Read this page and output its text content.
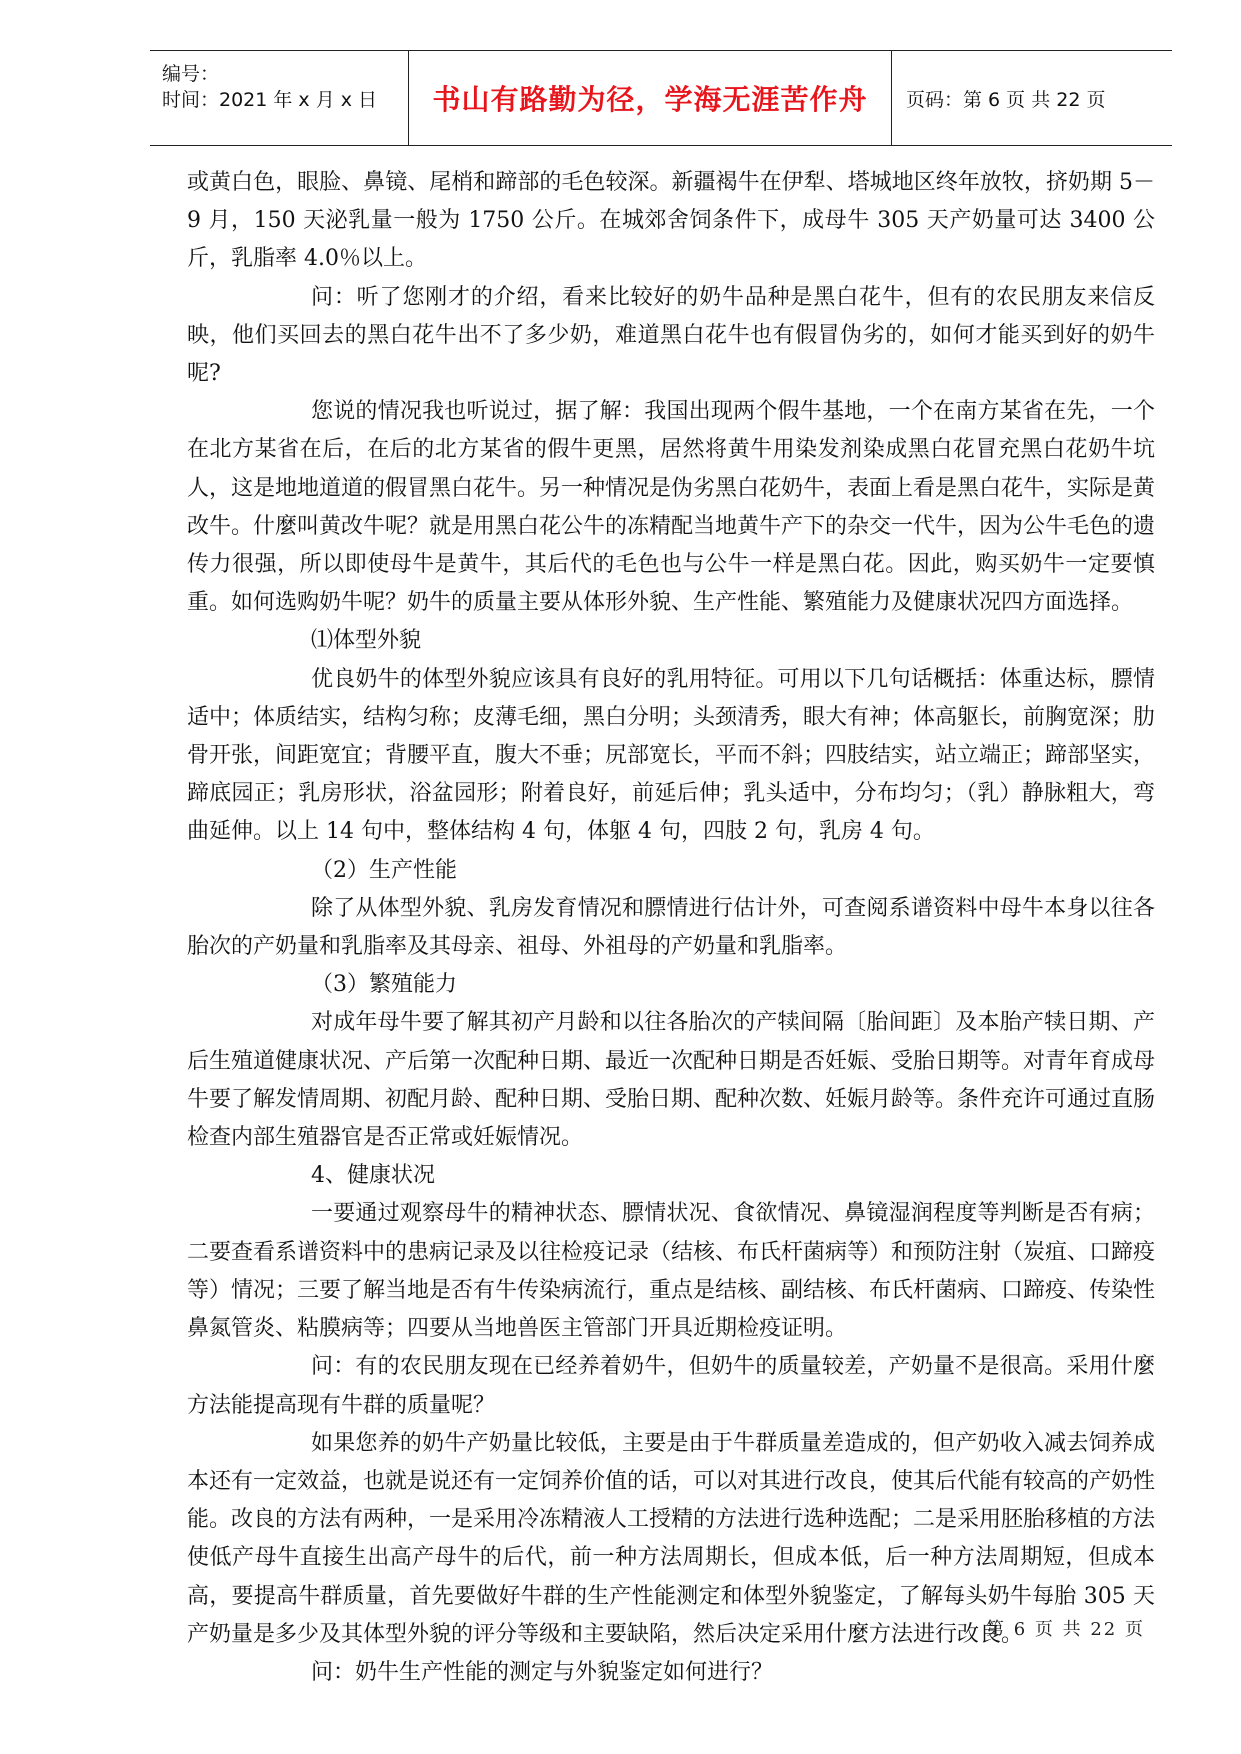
编号：
时间：2021 年 x 月 x 日 书山有路勤为径，学海无涯苦作舟	页码：第 6 页 共 22 页

或黄白色，眼脸、鼻镜、尾梢和蹄部的毛色较深。新疆褐牛在伊犁、塔城地区终年放牧，挤奶期 5－9 月，150 天泌乳量一般为 1750 公斤。在城郊舍饲条件下，成母牛 305 天产奶量可达 3400 公斤，乳脂率 4.0％以上。

问：听了您刚才的介绍，看来比较好的奶牛品种是黑白花牛，但有的农民朋友来信反映，他们买回去的黑白花牛出不了多少奶，难道黑白花牛也有假冒伪劣的，如何才能买到好的奶牛呢?

您说的情况我也听说过，据了解：我国出现两个假牛基地，一个在南方某省在先，一个在北方某省在后，在后的北方某省的假牛更黑，居然将黄牛用染发剂染成黑白花冒充黑白花奶牛坑人，这是地地道道的假冒黑白花牛。另一种情况是伪劣黑白花奶牛，表面上看是黑白花牛，实际是黄改牛。什麼叫黄改牛呢？就是用黑白花公牛的冻精配当地黄牛产下的杂交一代牛，因为公牛毛色的遗传力很强，所以即使母牛是黄牛，其后代的毛色也与公牛一样是黑白花。因此，购买奶牛一定要慎重。如何选购奶牛呢？奶牛的质量主要从体形外貌、生产性能、繁殖能力及健康状况四方面选择。

⑴体型外貌

优良奶牛的体型外貌应该具有良好的乳用特征。可用以下几句话概括：体重达标，膘情适中；体质结实，结构匀称；皮薄毛细，黑白分明；头颈清秀，眼大有神；体高躯长，前胸宽深；肋骨开张，间距宽宜；背腰平直，腹大不垂；尻部宽长，平而不斜；四肢结实，站立端正；蹄部坚实，蹄底园正；乳房形状，浴盆园形；附着良好，前延后伸；乳头适中，分布均匀；（乳）静脉粗大，弯曲延伸。以上 14 句中，整体结构 4 句，体躯 4 句，四肢 2 句，乳房 4 句。

（2）生产性能

除了从体型外貌、乳房发育情况和膘情进行估计外，可查阅系谱资料中母牛本身以往各胎次的产奶量和乳脂率及其母亲、祖母、外祖母的产奶量和乳脂率。

（3）繁殖能力

对成年母牛要了解其初产月龄和以往各胎次的产犊间隔〔胎间距〕及本胎产犊日期、产后生殖道健康状况、产后第一次配种日期、最近一次配种日期是否妊娠、受胎日期等。对青年育成母牛要了解发情周期、初配月龄、配种日期、受胎日期、配种次数、妊娠月龄等。条件充许可通过直肠检查内部生殖器官是否正常或妊娠情况。

4、健康状况

一要通过观察母牛的精神状态、膘情状况、食欲情况、鼻镜湿润程度等判断是否有病；二要查看系谱资料中的患病记录及以往检疫记录（结核、布氏杆菌病等）和预防注射（炭疽、口蹄疫等）情况；三要了解当地是否有牛传染病流行，重点是结核、副结核、布氏杆菌病、口蹄疫、传染性鼻氮管炎、粘膜病等；四要从当地兽医主管部门开具近期检疫证明。

问：有的农民朋友现在已经养着奶牛，但奶牛的质量较差，产奶量不是很高。采用什麼方法能提高现有牛群的质量呢？

如果您养的奶牛产奶量比较低，主要是由于牛群质量差造成的，但产奶收入减去饲养成本还有一定效益，也就是说还有一定饲养价值的话，可以对其进行改良，使其后代能有较高的产奶性能。改良的方法有两种，一是采用冷冻精液人工授精的方法进行选种选配；二是采用胚胎移植的方法使低产母牛直接生出高产母牛的后代，前一种方法周期长，但成本低，后一种方法周期短，但成本高，要提高牛群质量，首先要做好牛群的生产性能测定和体型外貌鉴定，了解每头奶牛每胎 305 天产奶量是多少及其体型外貌的评分等级和主要缺陷，然后决定采用什麼方法进行改良。

问：奶牛生产性能的测定与外貌鉴定如何进行？

第 6 页 共 22 页
